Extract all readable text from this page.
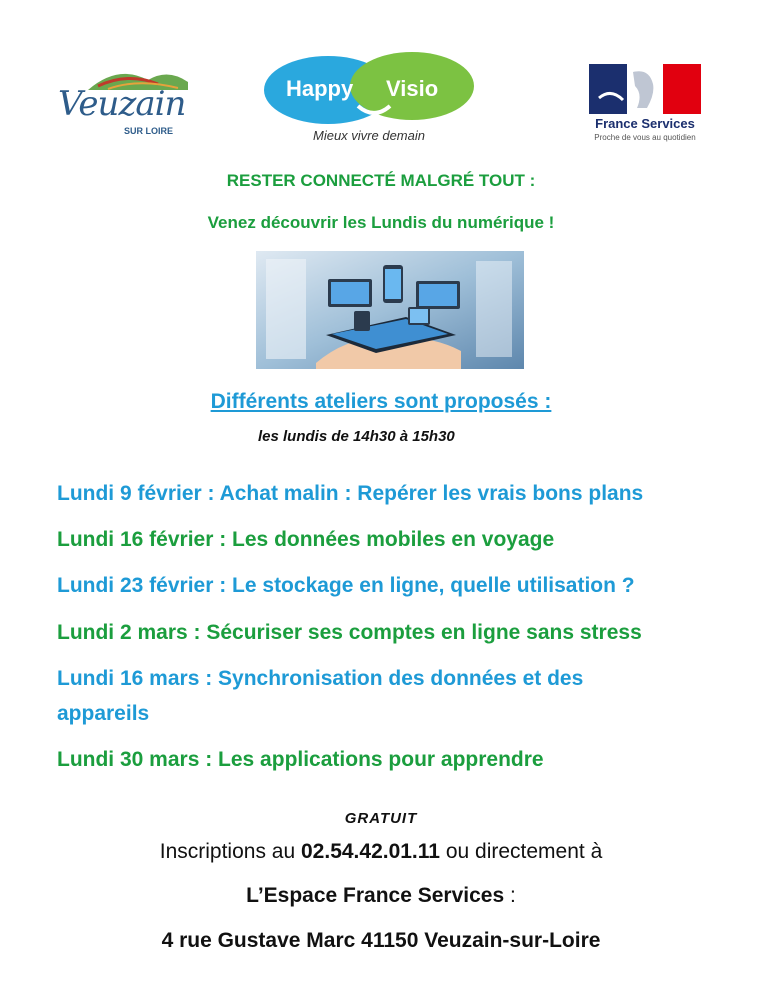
Veuzain
SUR LOIRE
Happy Visio
Mieux vivre demain
France Services
Proche de vous au quotidien
RESTER CONNECTÉ MALGRÉ TOUT :
Venez découvrir les Lundis du numérique !
Différents ateliers sont proposés :
les lundis de 14h30 à 15h30
Lundi 9 février : Achat malin : Repérer les vrais bons plans
Lundi 16 février : Les données mobiles en voyage
Lundi 23 février : Le stockage en ligne, quelle utilisation ?
Lundi 2 mars : Sécuriser ses comptes en ligne sans stress
Lundi 16 mars : Synchronisation des données et des appareils
Lundi 30 mars : Les applications pour apprendre
GRATUIT
Inscriptions au 02.54.42.01.11 ou directement à
L’Espace France Services :
4 rue Gustave Marc 41150 Veuzain-sur-Loire
